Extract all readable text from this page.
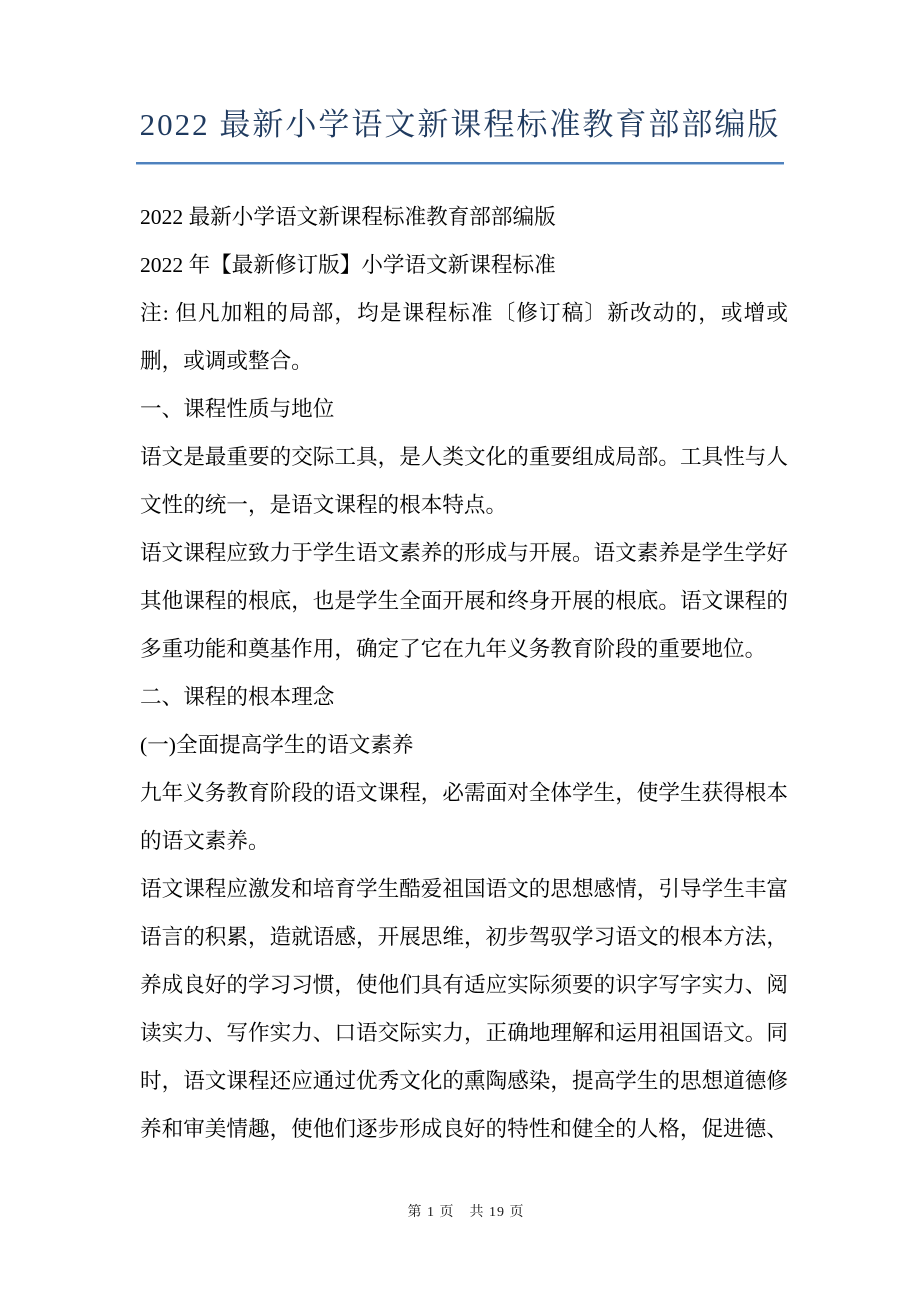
2022 最新小学语文新课程标准教育部部编版

2022 最新小学语文新课程标准教育部部编版

2022 年【最新修订版】小学语文新课程标准

注: 但凡加粗的局部，均是课程标准〔修订稿〕新改动的，或增或删，或调或整合。

一、课程性质与地位

语文是最重要的交际工具，是人类文化的重要组成局部。工具性与人文性的统一，是语文课程的根本特点。

语文课程应致力于学生语文素养的形成与开展。语文素养是学生学好其他课程的根底，也是学生全面开展和终身开展的根底。语文课程的多重功能和奠基作用，确定了它在九年义务教育阶段的重要地位。

二、课程的根本理念

(一)全面提高学生的语文素养

九年义务教育阶段的语文课程，必需面对全体学生，使学生获得根本的语文素养。

语文课程应激发和培育学生酷爱祖国语文的思想感情，引导学生丰富语言的积累，造就语感，开展思维，初步驾驭学习语文的根本方法，养成良好的学习习惯，使他们具有适应实际须要的识字写字实力、阅读实力、写作实力、口语交际实力，正确地理解和运用祖国语文。同时，语文课程还应通过优秀文化的熏陶感染，提高学生的思想道德修养和审美情趣，使他们逐步形成良好的特性和健全的人格，促进德、

第 1 页　共 19 页
